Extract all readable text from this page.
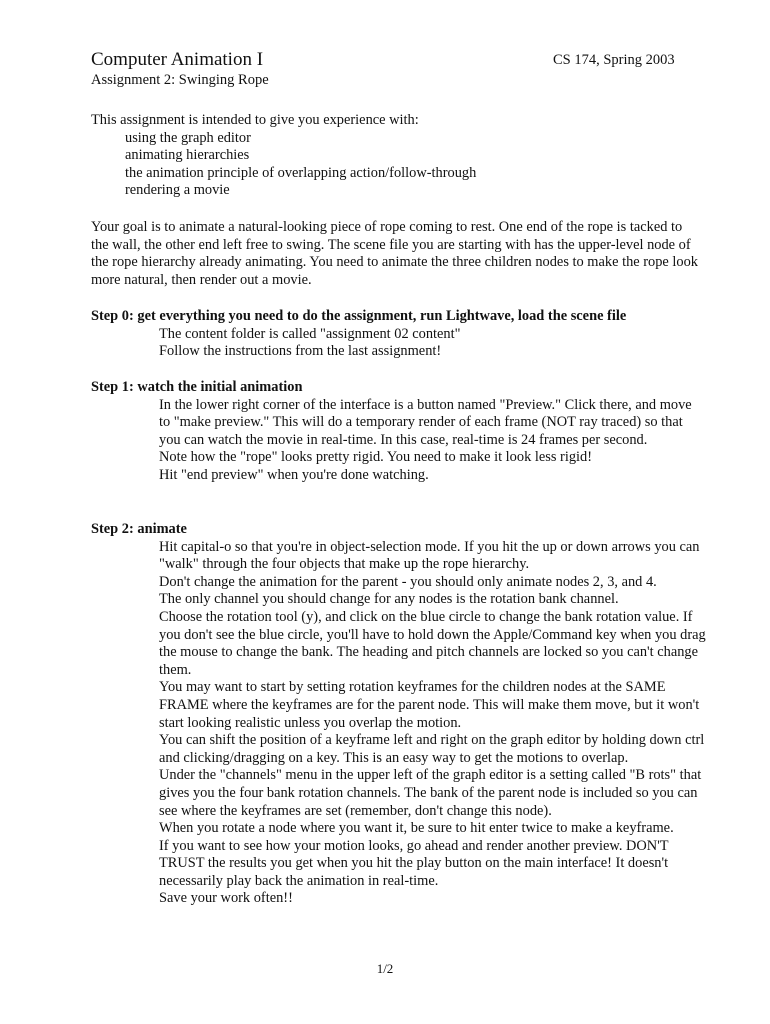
Computer Animation I	CS 174, Spring 2003
Assignment 2: Swinging Rope
This assignment is intended to give you experience with:
using the graph editor
animating hierarchies
the animation principle of overlapping action/follow-through
rendering a movie

Your goal is to animate a natural-looking piece of rope coming to rest. One end of the rope is tacked to the wall, the other end left free to swing. The scene file you are starting with has the upper-level node of the rope hierarchy already animating. You need to animate the three children nodes to make the rope look more natural, then render out a movie.

Step 0: get everything you need to do the assignment, run Lightwave, load the scene file
The content folder is called "assignment 02 content"
Follow the instructions from the last assignment!
Step 1: watch the initial animation
In the lower right corner of the interface is a button named "Preview." Click there, and move to "make preview." This will do a temporary render of each frame (NOT ray traced) so that you can watch the movie in real-time. In this case, real-time is 24 frames per second.
Note how the "rope" looks pretty rigid. You need to make it look less rigid!
Hit "end preview" when you're done watching.
Step 2: animate
Hit capital-o so that you're in object-selection mode. If you hit the up or down arrows you can "walk" through the four objects that make up the rope hierarchy.
Don't change the animation for the parent - you should only animate nodes 2, 3, and 4.
The only channel you should change for any nodes is the rotation bank channel.
Choose the rotation tool (y), and click on the blue circle to change the bank rotation value. If you don't see the blue circle, you'll have to hold down the Apple/Command key when you drag the mouse to change the bank. The heading and pitch channels are locked so you can't change them.
You may want to start by setting rotation keyframes for the children nodes at the SAME FRAME where the keyframes are for the parent node. This will make them move, but it won't start looking realistic unless you overlap the motion.
You can shift the position of a keyframe left and right on the graph editor by holding down ctrl and clicking/dragging on a key. This is an easy way to get the motions to overlap.
Under the "channels" menu in the upper left of the graph editor is a setting called "B rots" that gives you the four bank rotation channels. The bank of the parent node is included so you can see where the keyframes are set (remember, don't change this node).
When you rotate a node where you want it, be sure to hit enter twice to make a keyframe.
If you want to see how your motion looks, go ahead and render another preview. DON'T TRUST the results you get when you hit the play button on the main interface! It doesn't necessarily play back the animation in real-time.
Save your work often!!
1/2
